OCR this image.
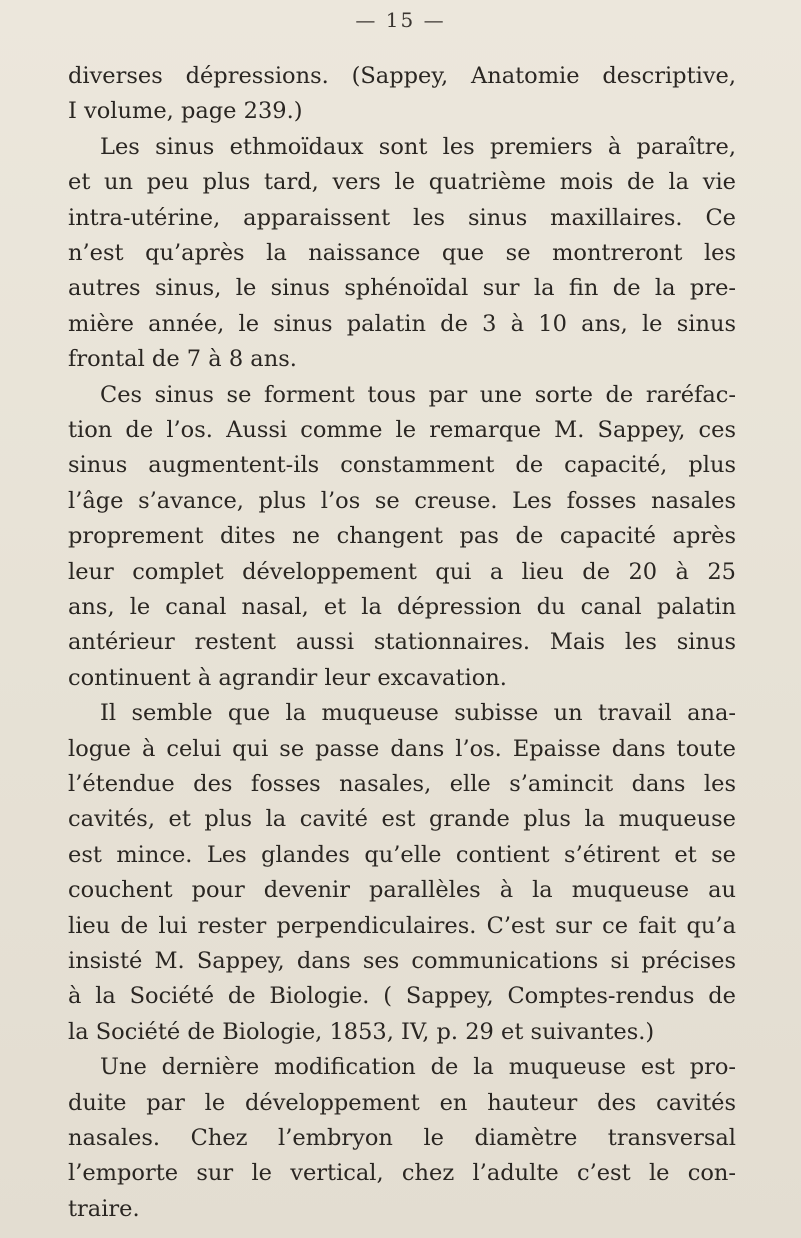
— 15 —
diverses dépressions. (Sappey, Anatomie descriptive,
I volume, page 239.)
Les sinus ethmoïdaux sont les premiers à paraître,
et un peu plus tard, vers le quatrième mois de la vie
intra-utérine, apparaissent les sinus maxillaires. Ce
n’est qu’après la naissance que se montreront les
autres sinus, le sinus sphénoïdal sur la fin de la pre-
mière année, le sinus palatin de 3 à 10 ans, le sinus
frontal de 7 à 8 ans.
Ces sinus se forment tous par une sorte de raréfac-
tion de l’os. Aussi comme le remarque M. Sappey, ces
sinus augmentent-ils constamment de capacité, plus
l’âge s’avance, plus l’os se creuse. Les fosses nasales
proprement dites ne changent pas de capacité après
leur complet développement qui a lieu de 20 à 25
ans, le canal nasal, et la dépression du canal palatin
antérieur restent aussi stationnaires. Mais les sinus
continuent à agrandir leur excavation.
Il semble que la muqueuse subisse un travail ana-
logue à celui qui se passe dans l’os. Epaisse dans toute
l’étendue des fosses nasales, elle s’amincit dans les
cavités, et plus la cavité est grande plus la muqueuse
est mince. Les glandes qu’elle contient s’étirent et se
couchent pour devenir parallèles à la muqueuse au
lieu de lui rester perpendiculaires. C’est sur ce fait qu’a
insisté M. Sappey, dans ses communications si précises
à la Société de Biologie. ( Sappey, Comptes-rendus de
la Société de Biologie, 1853, IV, p. 29 et suivantes.)
Une dernière modification de la muqueuse est pro-
duite par le développement en hauteur des cavités
nasales. Chez l’embryon le diamètre transversal
l’emporte sur le vertical, chez l’adulte c’est le con-
traire.
